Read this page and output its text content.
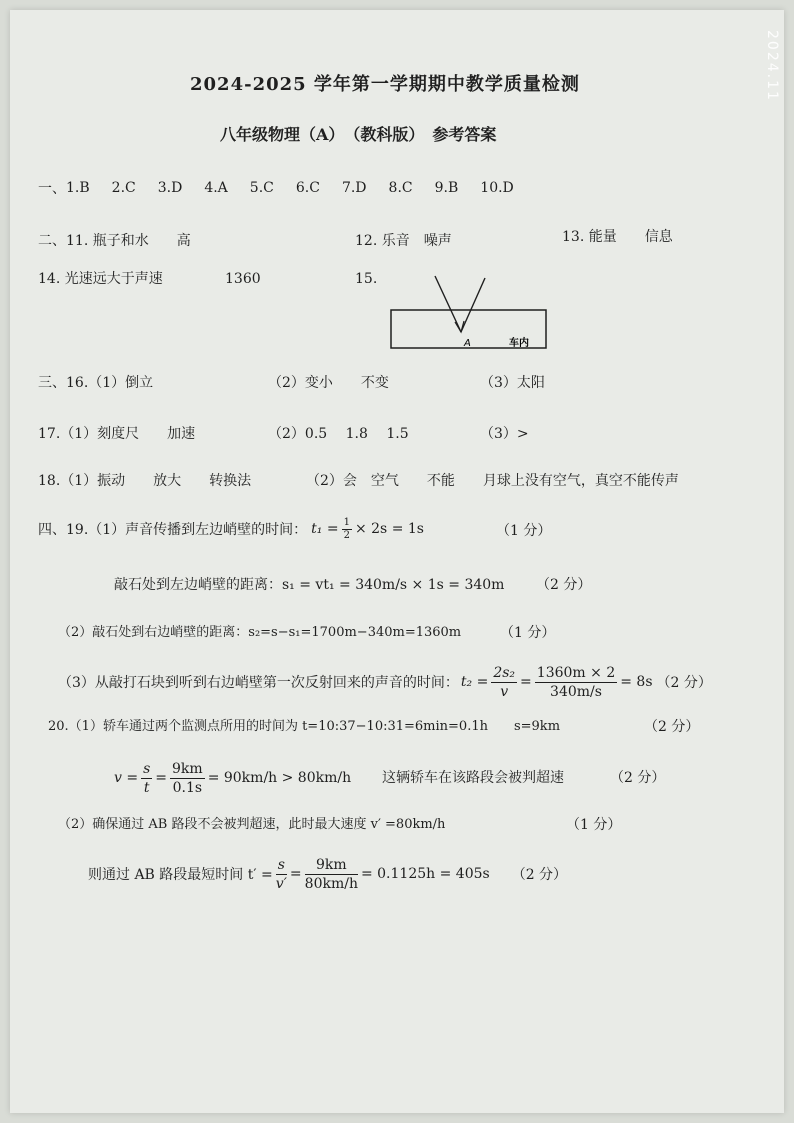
2024.11
2024-2025 学年第一学期期中教学质量检测
八年级物理（A）　（教科版）　参考答案
一、 1.B 2.C 3.D 4.A 5.C 6.C 7.D 8.C 9.B 10.D
二、11. 瓶子和水　　高	12. 乐音　噪声	13. 能量　　信息
14. 光速远大于声速	1360	15.
A	车内
三、16.（1）倒立	（2）变小　　不变	（3）太阳
17.（1）刻度尺　　加速	（2）0.5　 1.8　 1.5	（3）>
18.（1）振动　　放大　　转换法	（2）会　空气　　不能　　月球上没有空气，真空不能传声
四、19.（1）声音传播到左边峭壁的时间： $t_1 = \frac{1}{2} \times 2s = 1s$	（1 分）
敲石处到左边峭壁的距离：s₁ = vt₁ = 340m/s × 1s = 340m （2 分）
（2）敲石处到右边峭壁的距离：s₂=s−s₁=1700m−340m=1360m	（1 分）
（3）从敲打石块到听到右边峭壁第一次反射回来的声音的时间： $t_2 = \frac{\text{2s₂}}{v} = \frac{1360m \times 2}{340m/s} = 8s$ （2 分）
20.（1）轿车通过两个监测点所用的时间为 t=10:37−10:31=6min=0.1h　　s=9km	（2 分）
$v = \frac{s}{t} = \frac{9km}{0.1s} = 90km/h > 80km/h$ 这辆轿车在该路段会被判超速	（2 分）
（2）确保通过 AB 路段不会被判超速，此时最大速度 v′ =80km/h	（1 分）
则通过 AB 路段最短时间 $t' = \frac{s}{v'} = \frac{9km}{80km/h} = 0.1125h = 405s$ （2 分）
